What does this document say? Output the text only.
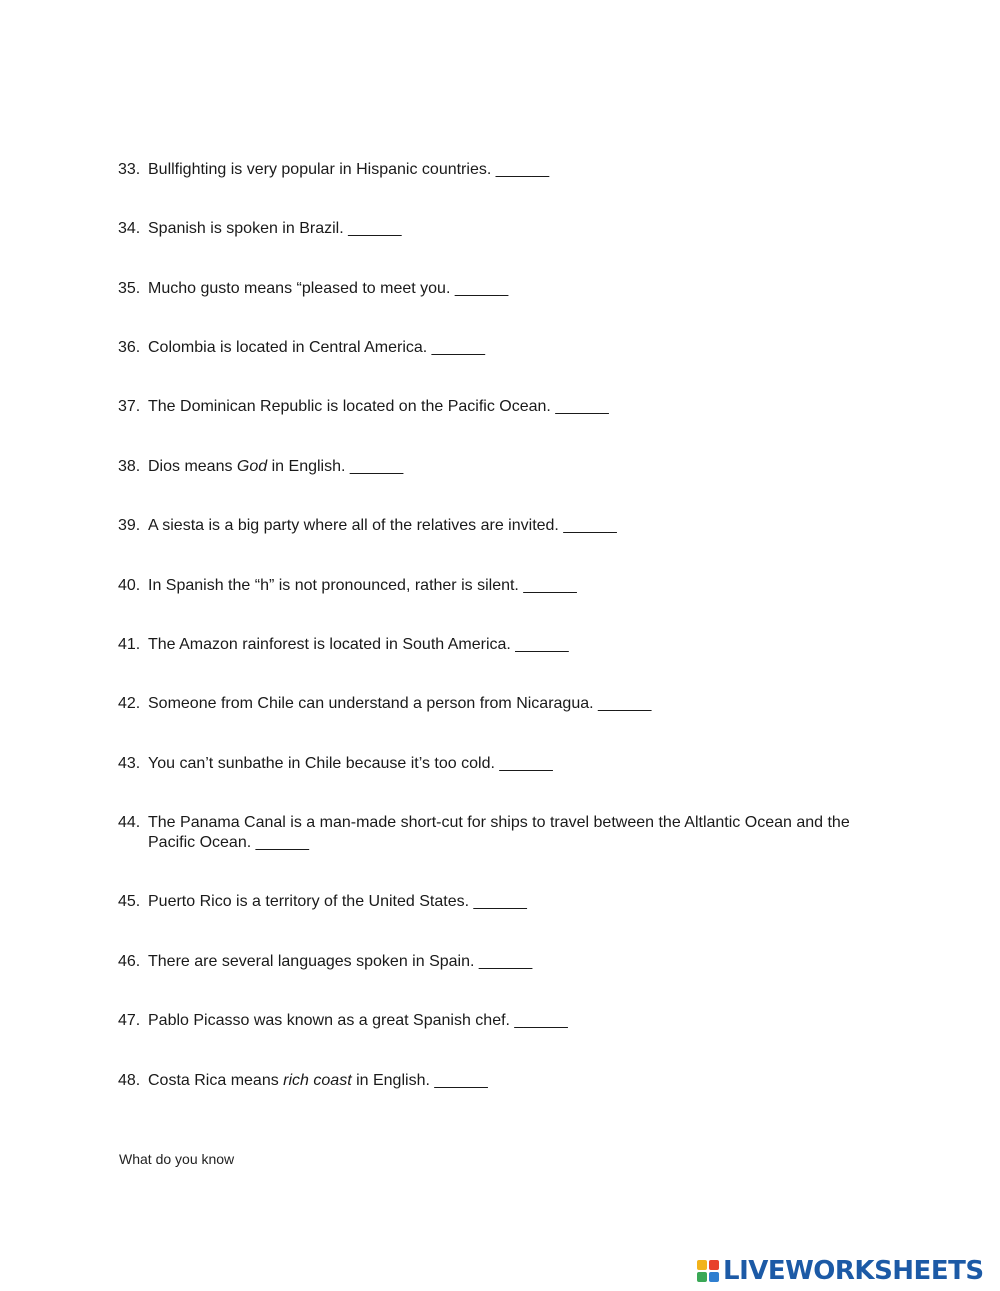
33. Bullfighting is very popular in Hispanic countries. ______
34. Spanish is spoken in Brazil. ______
35. Mucho gusto means “pleased to meet you. ______
36. Colombia is located in Central America. ______
37. The Dominican Republic is located on the Pacific Ocean. ______
38. Dios means God in English. ______
39. A siesta is a big party where all of the relatives are invited. ______
40. In Spanish the “h” is not pronounced, rather is silent. ______
41. The Amazon rainforest is located in South America. ______
42. Someone from Chile can understand a person from Nicaragua. ______
43. You can’t sunbathe in Chile because it’s too cold. ______
44. The Panama Canal is a man-made short-cut for ships to travel between the Altlantic Ocean and the
Pacific Ocean. ______
45. Puerto Rico is a territory of the United States. ______
46. There are several languages spoken in Spain. ______
47. Pablo Picasso was known as a great Spanish chef. ______
48. Costa Rica means rich coast in English. ______
What do you know
LIVEWORKSHEETS
